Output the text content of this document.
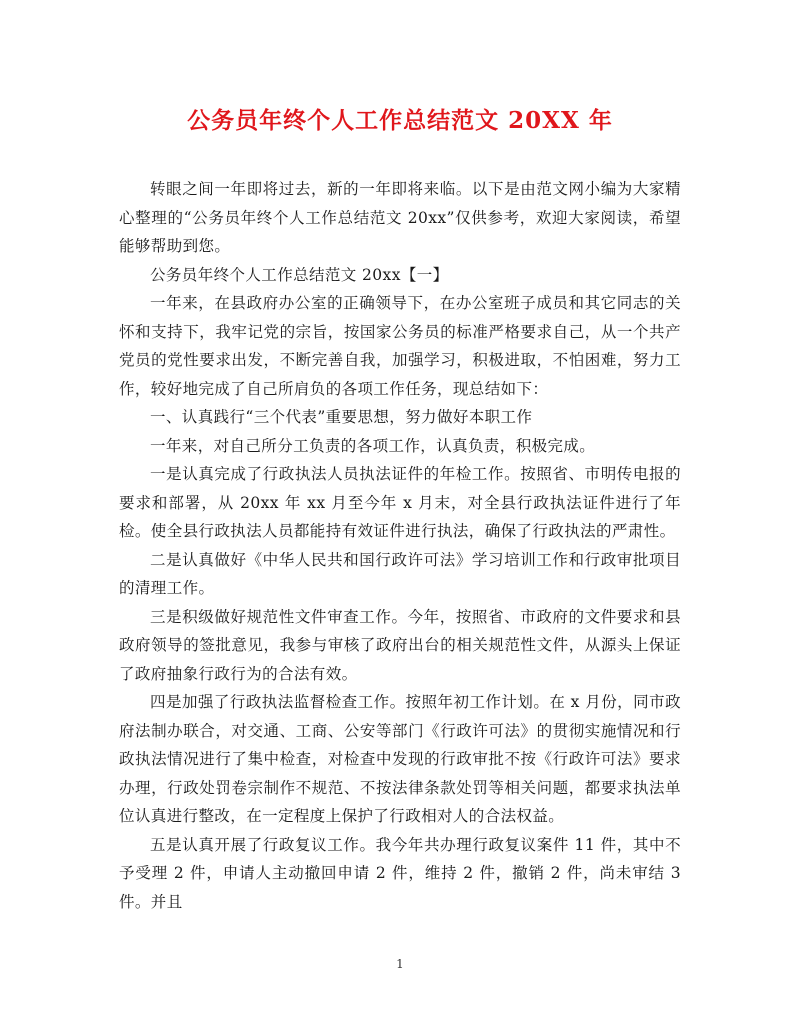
公务员年终个人工作总结范文 20XX 年

转眼之间一年即将过去，新的一年即将来临。以下是由范文网小编为大家精心整理的“公务员年终个人工作总结范文 20xx”仅供参考，欢迎大家阅读，希望能够帮助到您。

公务员年终个人工作总结范文 20xx【一】

一年来，在县政府办公室的正确领导下，在办公室班子成员和其它同志的关怀和支持下，我牢记党的宗旨，按国家公务员的标准严格要求自己，从一个共产党员的党性要求出发，不断完善自我，加强学习，积极进取，不怕困难，努力工作，较好地完成了自己所肩负的各项工作任务，现总结如下：

一、认真践行“三个代表”重要思想，努力做好本职工作

一年来，对自己所分工负责的各项工作，认真负责，积极完成。

一是认真完成了行政执法人员执法证件的年检工作。按照省、市明传电报的要求和部署，从 20xx 年 xx 月至今年 x 月末，对全县行政执法证件进行了年检。使全县行政执法人员都能持有效证件进行执法，确保了行政执法的严肃性。

二是认真做好《中华人民共和国行政许可法》学习培训工作和行政审批项目的清理工作。

三是积级做好规范性文件审查工作。今年，按照省、市政府的文件要求和县政府领导的签批意见，我参与审核了政府出台的相关规范性文件，从源头上保证了政府抽象行政行为的合法有效。

四是加强了行政执法监督检查工作。按照年初工作计划。在 x 月份，同市政府法制办联合，对交通、工商、公安等部门《行政许可法》的贯彻实施情况和行政执法情况进行了集中检查，对检查中发现的行政审批不按《行政许可法》要求办理，行政处罚卷宗制作不规范、不按法律条款处罚等相关问题，都要求执法单位认真进行整改，在一定程度上保护了行政相对人的合法权益。

五是认真开展了行政复议工作。我今年共办理行政复议案件 11 件，其中不予受理 2 件，申请人主动撤回申请 2 件，维持 2 件，撤销 2 件，尚未审结 3 件。并且

1
